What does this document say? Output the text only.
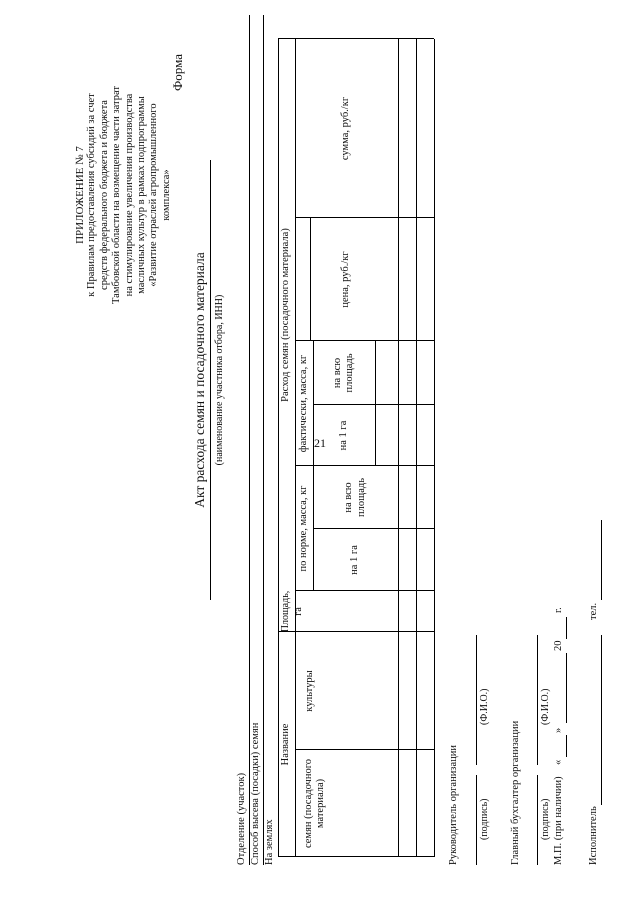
21
ПРИЛОЖЕНИЕ № 7 к Правилам предоставления субсидий за счет средств федерального бюджета и бюджета Тамбовской области на возмещение части затрат на стимулирование увеличения производства масличных культур в рамках подпрограммы «Развитие отраслей агропромышленного комплекса»
Форма
Акт расхода семян и посадочного материала (наименование участника отбора, ИНН)
Отделение (участок) Способ высева (посадки) семян На землях
Название
семян (посадочного материала)
культуры
Площадь, га
Расход семян (посадочного материала)
по норме, масса, кг
фактически, масса, кг
на 1 га
на всю площадь
на 1 га
на всю площадь
цена, руб./кг
сумма, руб./кг
Руководитель организации (подпись)
(Ф.И.О.)
Главный бухгалтер организации (подпись)
(Ф.И.О.)
М.П. (при наличии)
«
»
20
г.
Исполнитель
тел.
